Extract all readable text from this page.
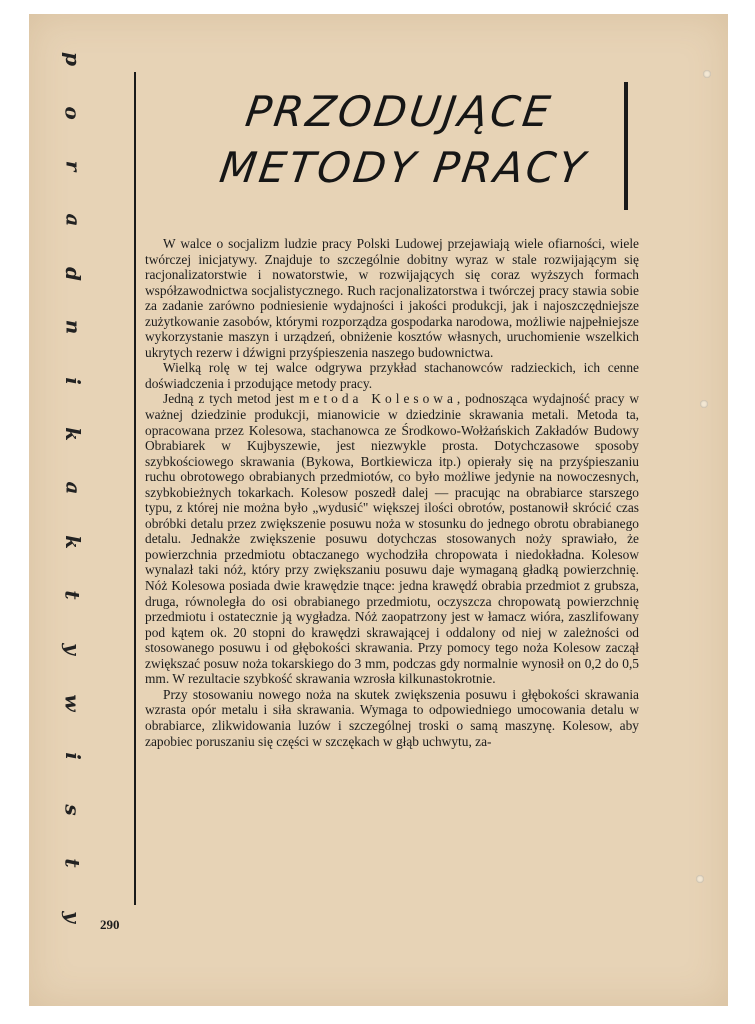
p
o
r
a
d
n
i
k
a
k
t
y
w
i
s
t
y
PRZODUJĄCE
METODY PRACY

W walce o socjalizm ludzie pracy Polski Ludowej przejawiają wiele ofiarności, wiele twórczej inicjatywy. Znajduje to szczególnie dobitny wyraz w stale rozwijającym się racjonalizatorstwie i nowatorstwie, w rozwijających się coraz wyższych formach współzawodnictwa socjalistycznego. Ruch racjonalizatorstwa i twórczej pracy stawia sobie za zadanie zarówno podniesienie wydajności i jakości produkcji, jak i najoszczędniejsze zużytkowanie zasobów, którymi rozporządza gospodarka narodowa, możliwie najpełniejsze wykorzystanie maszyn i urządzeń, obniżenie kosztów własnych, uruchomienie wszelkich ukrytych rezerw i dźwigni przyśpieszenia naszego budownictwa.

Wielką rolę w tej walce odgrywa przykład stachanowców radzieckich, ich cenne doświadczenia i przodujące metody pracy.

Jedną z tych metod jest metoda Kolesowa, podnosząca wydajność pracy w ważnej dziedzinie produkcji, mianowicie w dziedzinie skrawania metali. Metoda ta, opracowana przez Kolesowa, stachanowca ze Środkowo-Wołżańskich Zakładów Budowy Obrabiarek w Kujbyszewie, jest niezwykle prosta. Dotychczasowe sposoby szybkościowego skrawania (Bykowa, Bortkiewicza itp.) opierały się na przyśpieszaniu ruchu obrotowego obrabianych przedmiotów, co było możliwe jedynie na nowoczesnych, szybkobieżnych tokarkach. Kolesow poszedł dalej — pracując na obrabiarce starszego typu, z której nie można było „wydusić" większej ilości obrotów, postanowił skrócić czas obróbki detalu przez zwiększenie posuwu noża w stosunku do jednego obrotu obrabianego detalu. Jednakże zwiększenie posuwu dotychczas stosowanych noży sprawiało, że powierzchnia przedmiotu obtaczanego wychodziła chropowata i niedokładna. Kolesow wynalazł taki nóż, który przy zwiększaniu posuwu daje wymaganą gładką powierzchnię. Nóż Kolesowa posiada dwie krawędzie tnące: jedna krawędź obrabia przedmiot z grubsza, druga, równoległa do osi obrabianego przedmiotu, oczyszcza chropowatą powierzchnię przedmiotu i ostatecznie ją wygładza. Nóż zaopatrzony jest w łamacz wióra, zaszlifowany pod kątem ok. 20 stopni do krawędzi skrawającej i oddalony od niej w zależności od stosowanego posuwu i od głębokości skrawania. Przy pomocy tego noża Kolesow zaczął zwiększać posuw noża tokarskiego do 3 mm, podczas gdy normalnie wynosił on 0,2 do 0,5 mm. W rezultacie szybkość skrawania wzrosła kilkunastokrotnie.

Przy stosowaniu nowego noża na skutek zwiększenia posuwu i głębokości skrawania wzrasta opór metalu i siła skrawania. Wymaga to odpowiedniego umocowania detalu w obrabiarce, zlikwidowania luzów i szczególnej troski o samą maszynę. Kolesow, aby zapobiec poruszaniu się części w szczękach w głąb uchwytu, za-

290
